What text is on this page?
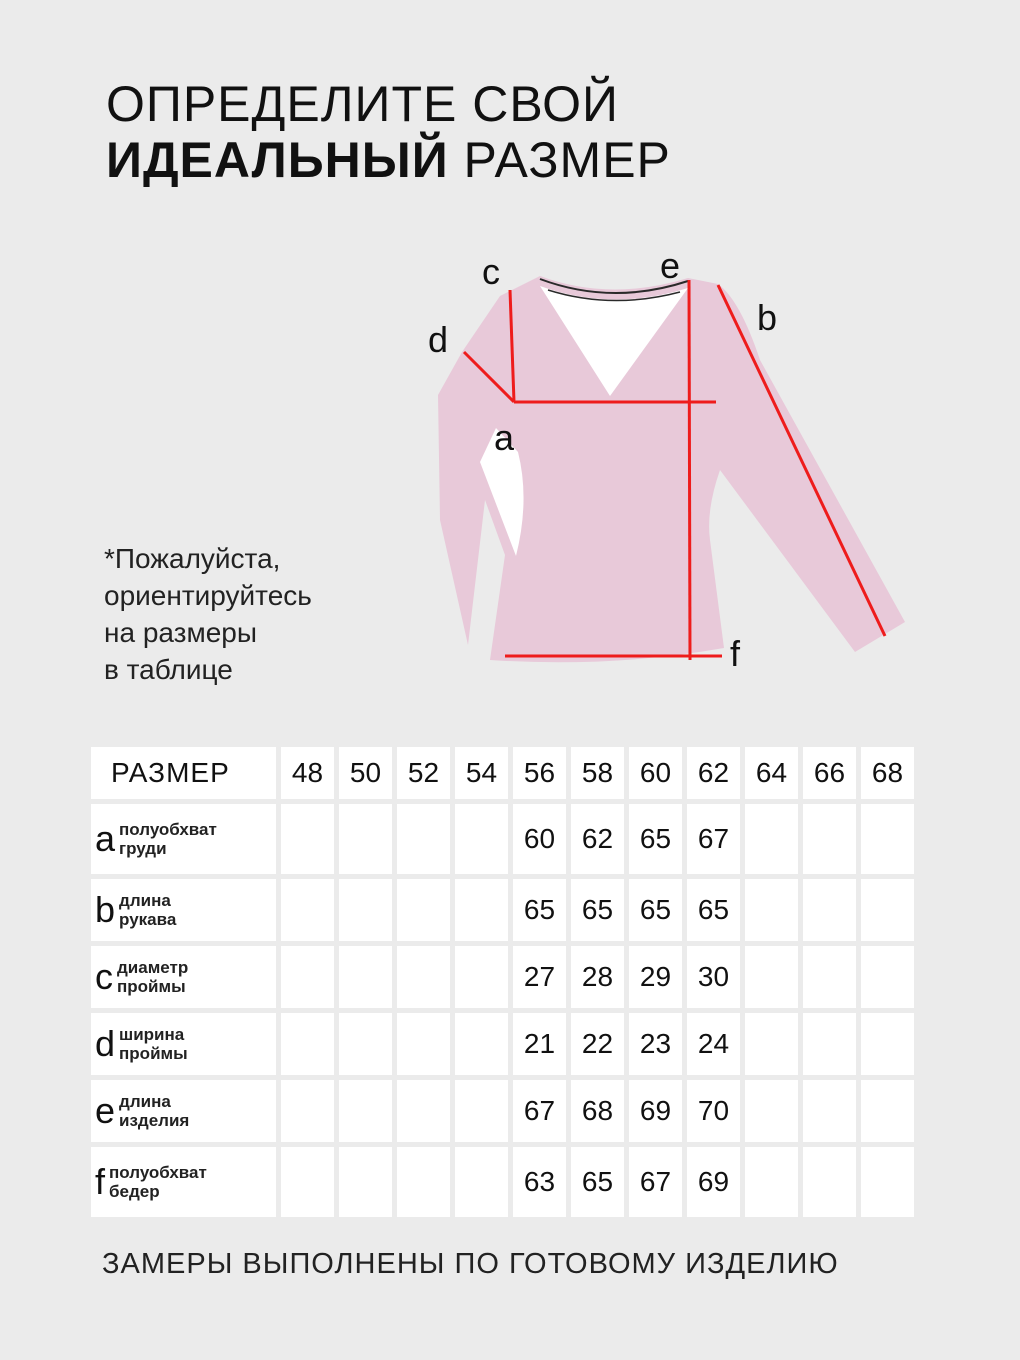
ОПРЕДЕЛИТЕ СВОЙ
ИДЕАЛЬНЫЙ РАЗМЕР
*Пожалуйста,
ориентируйтесь
на размеры
в таблице
c	e
b
d
a
f
РАЗМЕР	48	50	52	54	56	58	60	62	64	66	68

a полуобхват
груди					60	62	65	67			

b длина
рукава					65	65	65	65			

c диаметр
проймы					27	28	29	30			

d ширина
проймы					21	22	23	24			

e длина
изделия					67	68	69	70			

f полуобхват
бедер					63	65	67	69			
ЗАМЕРЫ ВЫПОЛНЕНЫ ПО ГОТОВОМУ ИЗДЕЛИЮ
